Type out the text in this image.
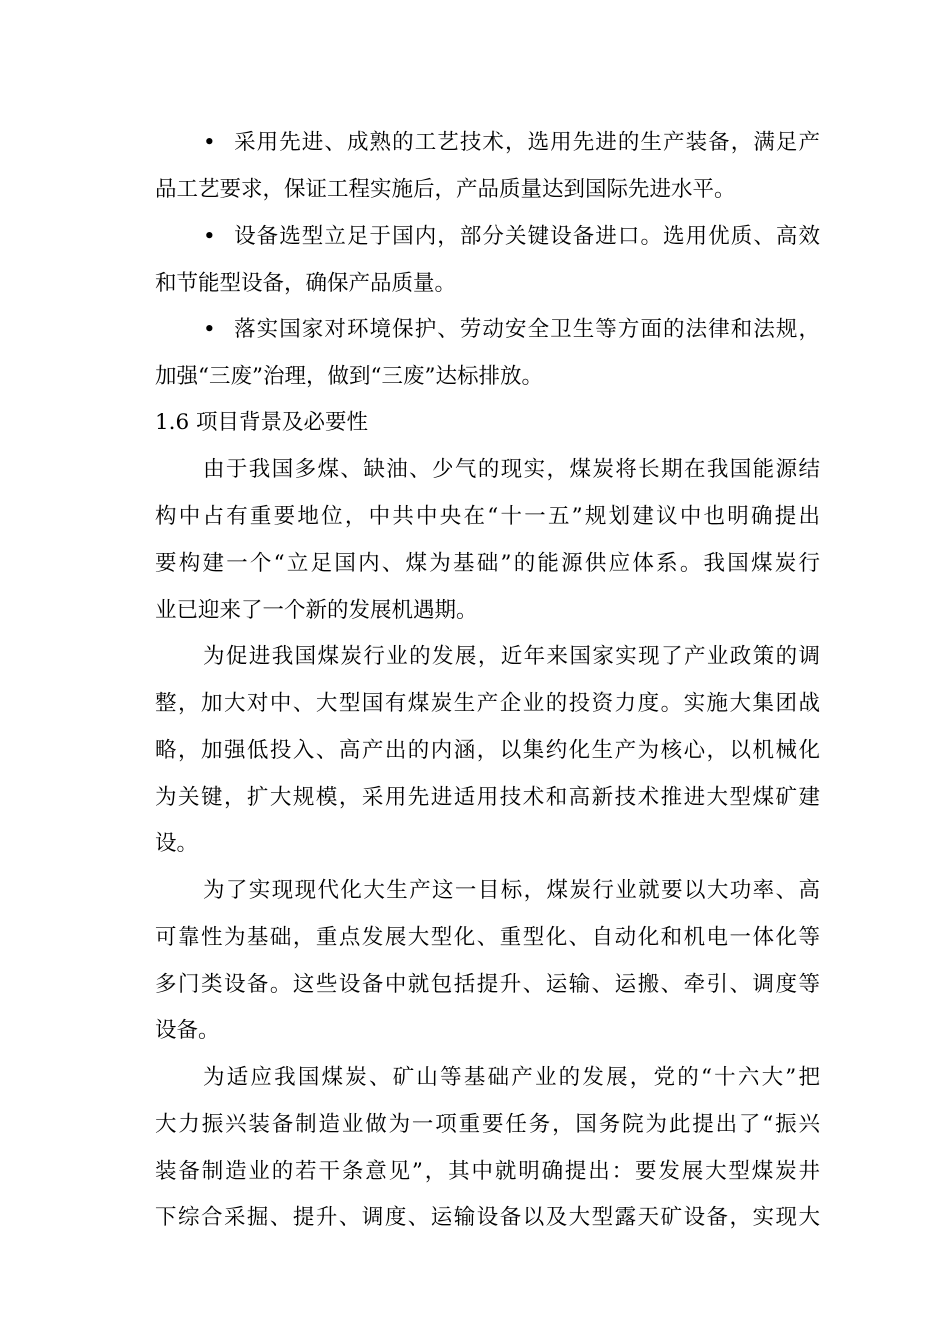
• 采用先进、成熟的工艺技术，选用先进的生产装备，满足产
品工艺要求，保证工程实施后，产品质量达到国际先进水平。
• 设备选型立足于国内，部分关键设备进口。选用优质、高效
和节能型设备，确保产品质量。
• 落实国家对环境保护、劳动安全卫生等方面的法律和法规，
加强“三废”治理，做到“三废”达标排放。
1.6 项目背景及必要性
由于我国多煤、缺油、少气的现实，煤炭将长期在我国能源结
构中占有重要地位，中共中央在“十一五”规划建议中也明确提出
要构建一个“立足国内、煤为基础”的能源供应体系。我国煤炭行
业已迎来了一个新的发展机遇期。
为促进我国煤炭行业的发展，近年来国家实现了产业政策的调
整，加大对中、大型国有煤炭生产企业的投资力度。实施大集团战
略，加强低投入、高产出的内涵，以集约化生产为核心，以机械化
为关键，扩大规模，采用先进适用技术和高新技术推进大型煤矿建
设。
为了实现现代化大生产这一目标，煤炭行业就要以大功率、高
可靠性为基础，重点发展大型化、重型化、自动化和机电一体化等
多门类设备。这些设备中就包括提升、运输、运搬、牵引、调度等
设备。
为适应我国煤炭、矿山等基础产业的发展，党的“十六大”把
大力振兴装备制造业做为一项重要任务，国务院为此提出了“振兴
装备制造业的若干条意见”，其中就明确提出：要发展大型煤炭井
下综合采掘、提升、调度、运输设备以及大型露天矿设备，实现大
